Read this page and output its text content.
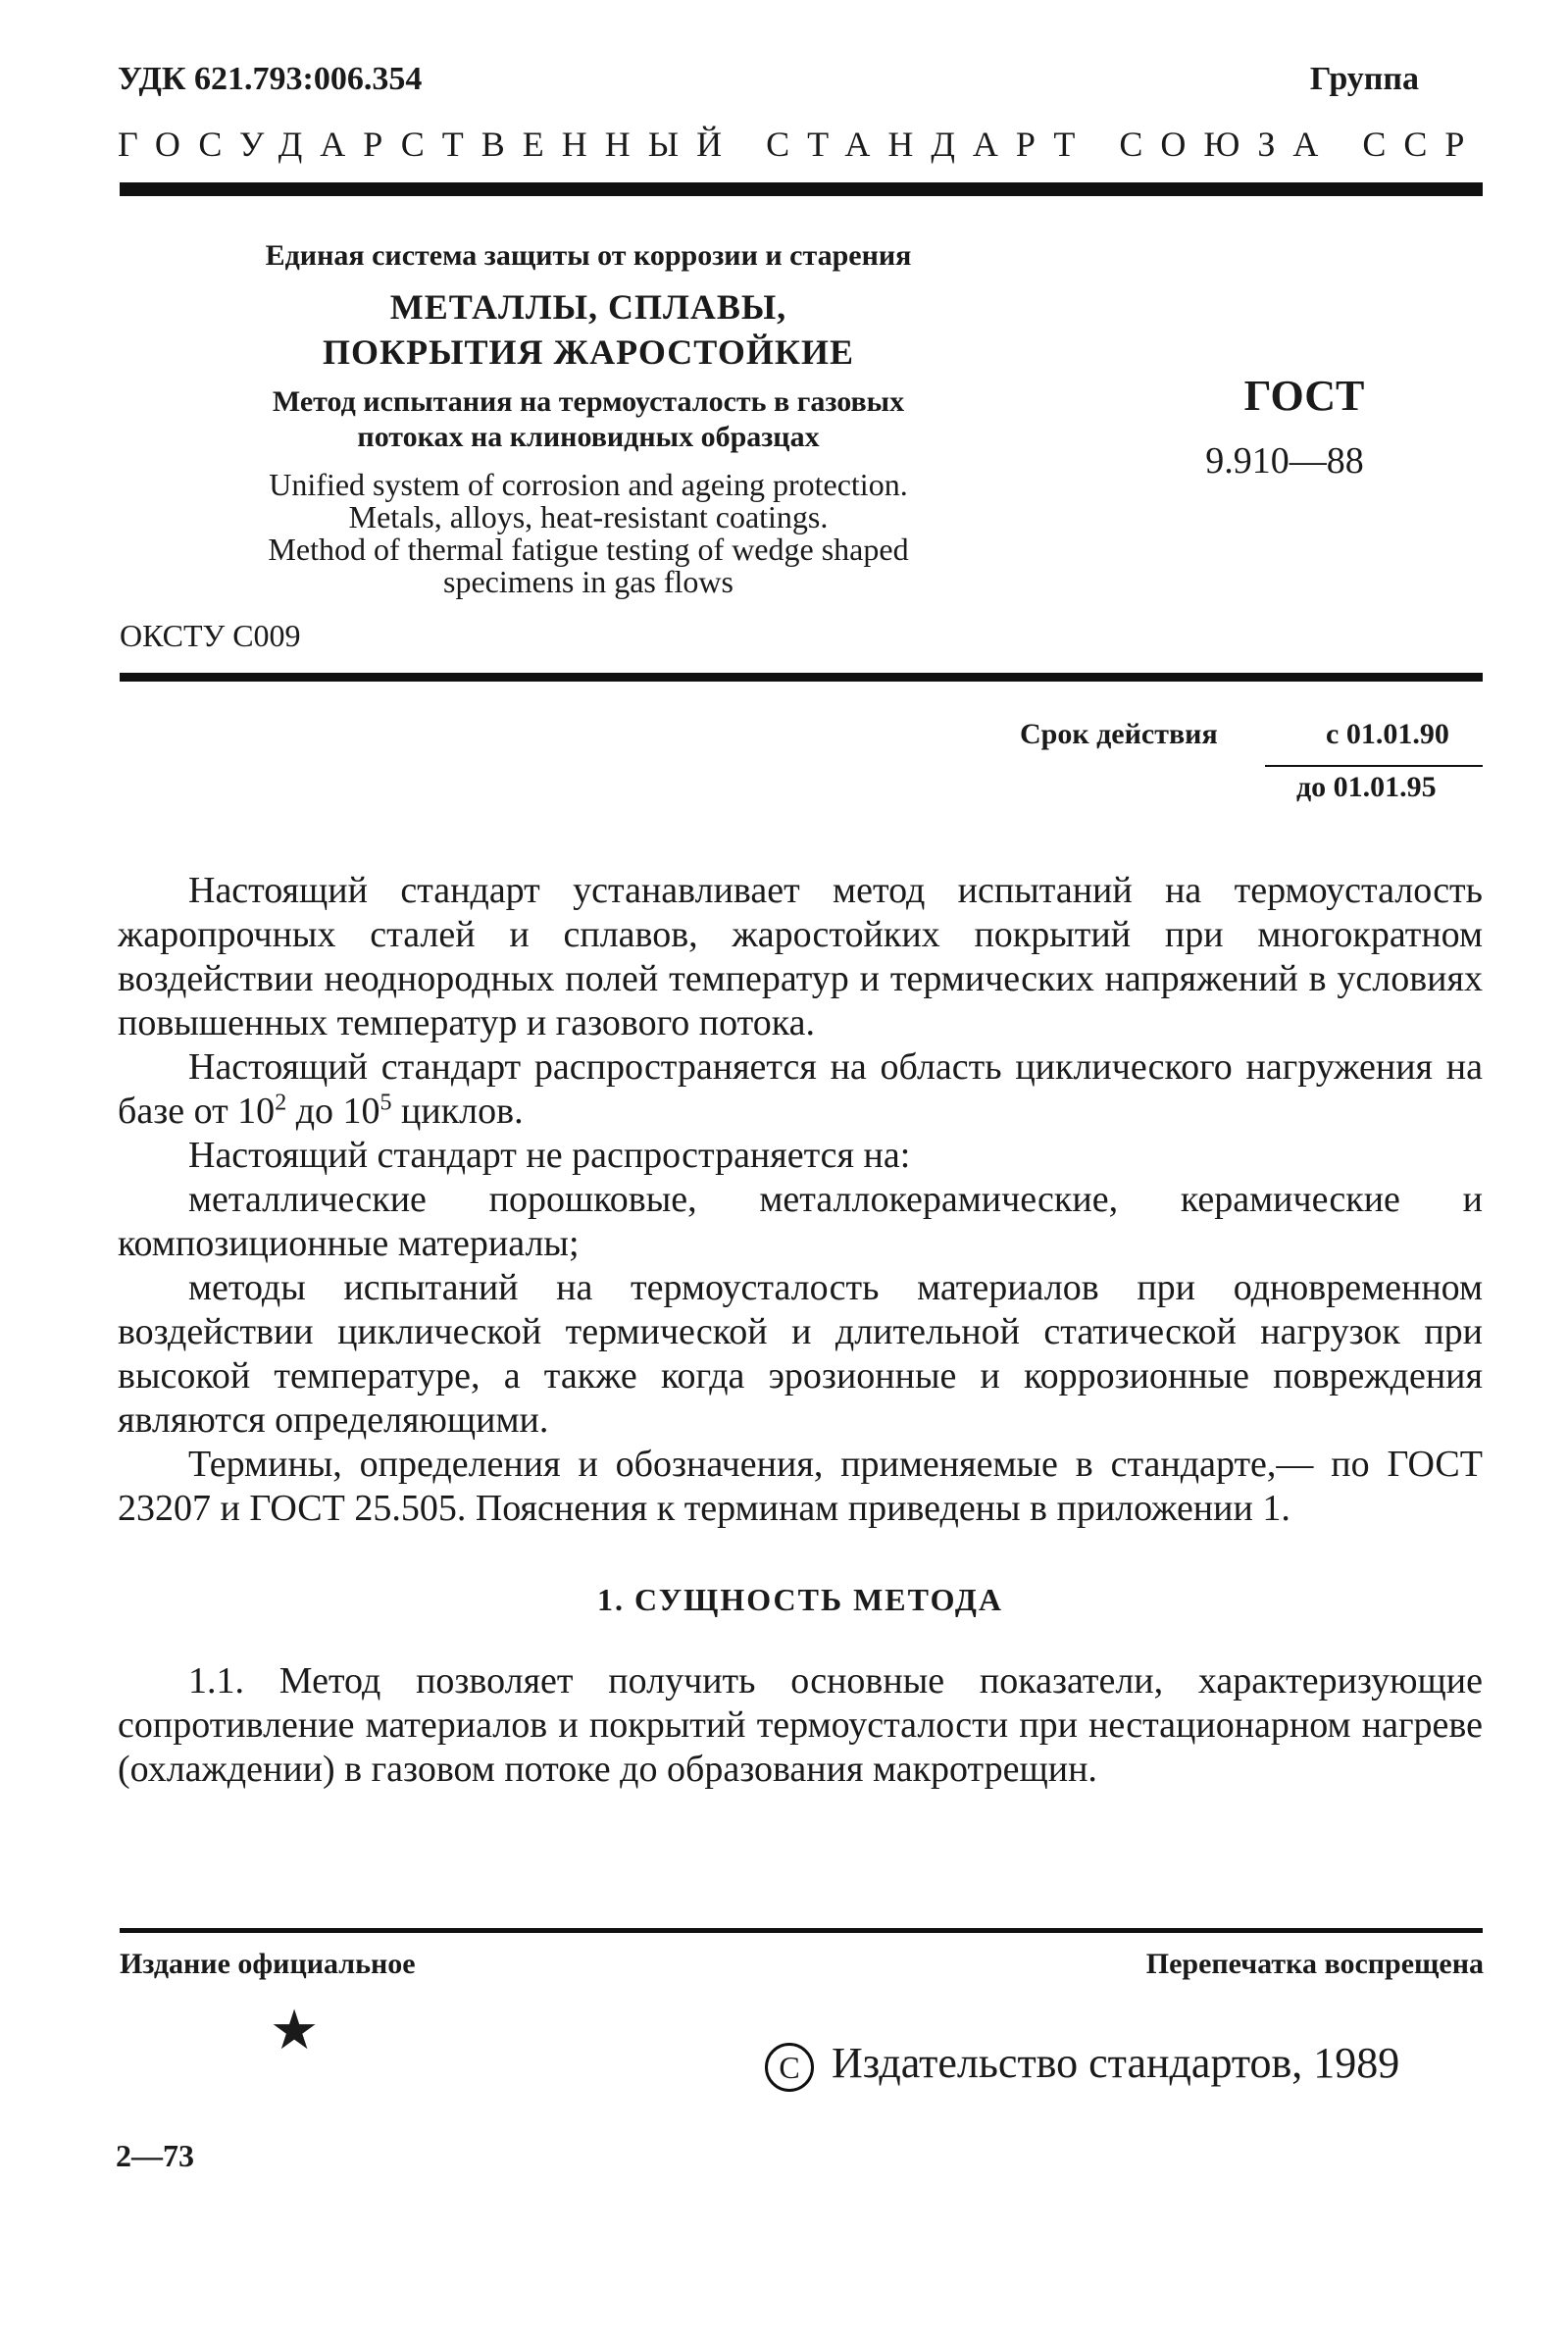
УДК 621.793:006.354	Группа
ГОСУДАРСТВЕННЫЙ СТАНДАРТ СОЮЗА ССР
Единая система защиты от коррозии и старения
МЕТАЛЛЫ, СПЛАВЫ,
ПОКРЫТИЯ ЖАРОСТОЙКИЕ
Метод испытания на термоусталость в газовых
потоках на клиновидных образцах
Unified system of corrosion and ageing protection.
Metals, alloys, heat-resistant coatings.
Method of thermal fatigue testing of wedge shaped
specimens in gas flows
ГОСТ
9.910—88
ОКСТУ С009
Срок действия	с 01.01.90
до 01.01.95

Настоящий стандарт устанавливает метод испытаний на термоусталость жаропрочных сталей и сплавов, жаростойких покрытий при многократном воздействии неоднородных полей температур и термических напряжений в условиях повышенных температур и газового потока.

Настоящий стандарт распространяется на область циклического нагружения на базе от $10^2$ до $10^5$ циклов.

Настоящий стандарт не распространяется на:

металлические порошковые, металлокерамические, керамические и композиционные материалы;

методы испытаний на термоусталость материалов при одновременном воздействии циклической термической и длительной статической нагрузок при высокой температуре, а также когда эрозионные и коррозионные повреждения являются определяющими.

Термины, определения и обозначения, применяемые в стандарте,— по ГОСТ 23207 и ГОСТ 25.505. Пояснения к терминам приведены в приложении 1.

1. СУЩНОСТЬ МЕТОДА

1.1. Метод позволяет получить основные показатели, характеризующие сопротивление материалов и покрытий термоусталости при нестационарном нагреве (охлаждении) в газовом потоке до образования макротрещин.

Издание официальное	Перепечатка воспрещена
★
C Издательство стандартов, 1989
2—73
